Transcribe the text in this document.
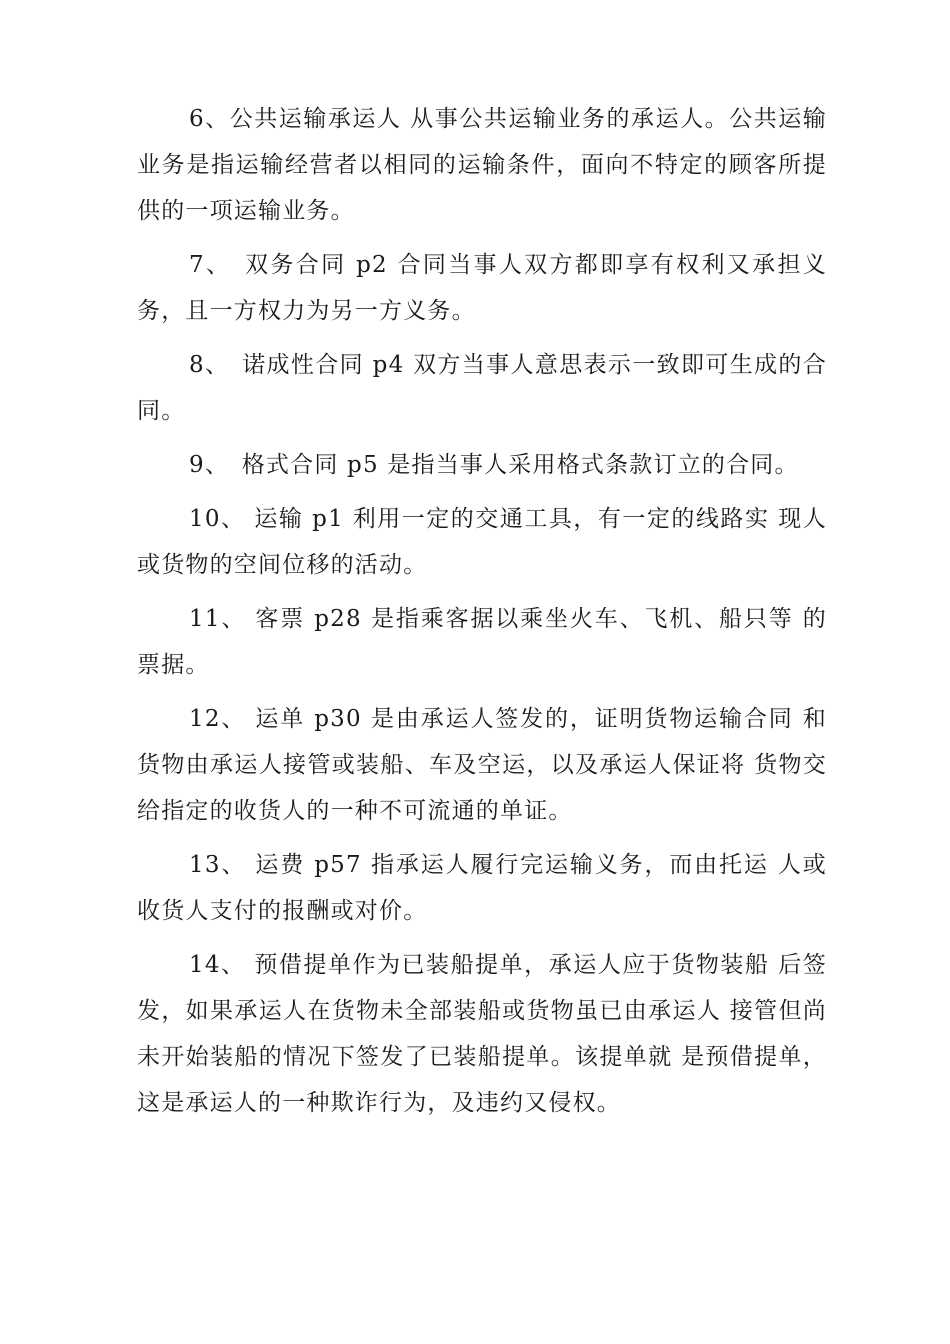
6、公共运输承运人 从事公共运输业务的承运人。公共运输业务是指运输经营者以相同的运输条件，面向不特定的顾客所提供的一项运输业务。

7、　双务合同 p2 合同当事人双方都即享有权利又承担义务，且一方权力为另一方义务。

8、　诺成性合同 p4 双方当事人意思表示一致即可生成的合同。

9、　格式合同 p5 是指当事人采用格式条款订立的合同。

10、 运输 p1 利用一定的交通工具，有一定的线路实 现人或货物的空间位移的活动。

11、 客票 p28 是指乘客据以乘坐火车、飞机、船只等 的票据。

12、 运单 p30 是由承运人签发的，证明货物运输合同 和货物由承运人接管或装船、车及空运，以及承运人保证将 货物交给指定的收货人的一种不可流通的单证。

13、 运费 p57 指承运人履行完运输义务，而由托运 人或收货人支付的报酬或对价。

14、 预借提单作为已装船提单，承运人应于货物装船 后签发，如果承运人在货物未全部装船或货物虽已由承运人 接管但尚未开始装船的情况下签发了已装船提单。该提单就 是预借提单，这是承运人的一种欺诈行为，及违约又侵权。
